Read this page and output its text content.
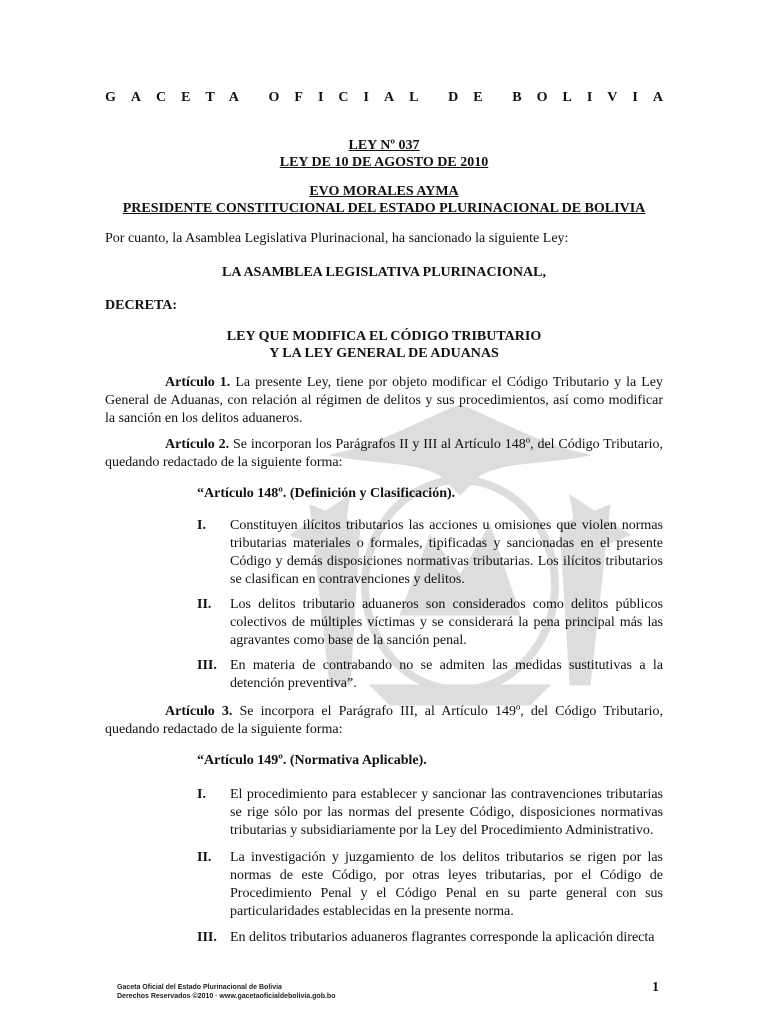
GACETA OFICIAL DE BOLIVIA
LEY Nº 037
LEY DE 10 DE AGOSTO DE 2010
EVO MORALES AYMA
PRESIDENTE CONSTITUCIONAL DEL ESTADO PLURINACIONAL DE BOLIVIA
Por cuanto, la Asamblea Legislativa Plurinacional, ha sancionado la siguiente Ley:
LA ASAMBLEA LEGISLATIVA PLURINACIONAL,
DECRETA:
LEY QUE MODIFICA EL CÓDIGO TRIBUTARIO
Y LA LEY GENERAL DE ADUANAS
Artículo 1. La presente Ley, tiene por objeto modificar el Código Tributario y la Ley General de Aduanas, con relación al régimen de delitos y sus procedimientos, así como modificar la sanción en los delitos aduaneros.
Artículo 2. Se incorporan los Parágrafos II y III al Artículo 148º, del Código Tributario, quedando redactado de la siguiente forma:
“Artículo 148º. (Definición y Clasificación).
I. Constituyen ilícitos tributarios las acciones u omisiones que violen normas tributarias materiales o formales, tipificadas y sancionadas en el presente Código y demás disposiciones normativas tributarias. Los ilícitos tributarios se clasifican en contravenciones y delitos.
II. Los delitos tributario aduaneros son considerados como delitos públicos colectivos de múltiples víctimas y se considerará la pena principal más las agravantes como base de la sanción penal.
III. En materia de contrabando no se admiten las medidas sustitutivas a la detención preventiva”.
Artículo 3. Se incorpora el Parágrafo III, al Artículo 149º, del Código Tributario, quedando redactado de la siguiente forma:
“Artículo 149º. (Normativa Aplicable).
I. El procedimiento para establecer y sancionar las contravenciones tributarias se rige sólo por las normas del presente Código, disposiciones normativas tributarias y subsidiariamente por la Ley del Procedimiento Administrativo.
II. La investigación y juzgamiento de los delitos tributarios se rigen por las normas de este Código, por otras leyes tributarias, por el Código de Procedimiento Penal y el Código Penal en su parte general con sus particularidades establecidas en la presente norma.
III. En delitos tributarios aduaneros flagrantes corresponde la aplicación directa
Gaceta Oficial del Estado Plurinacional de Bolivia
Derechos Reservados ©2010 · www.gacetaoficialdebolivia.gob.bo
1
